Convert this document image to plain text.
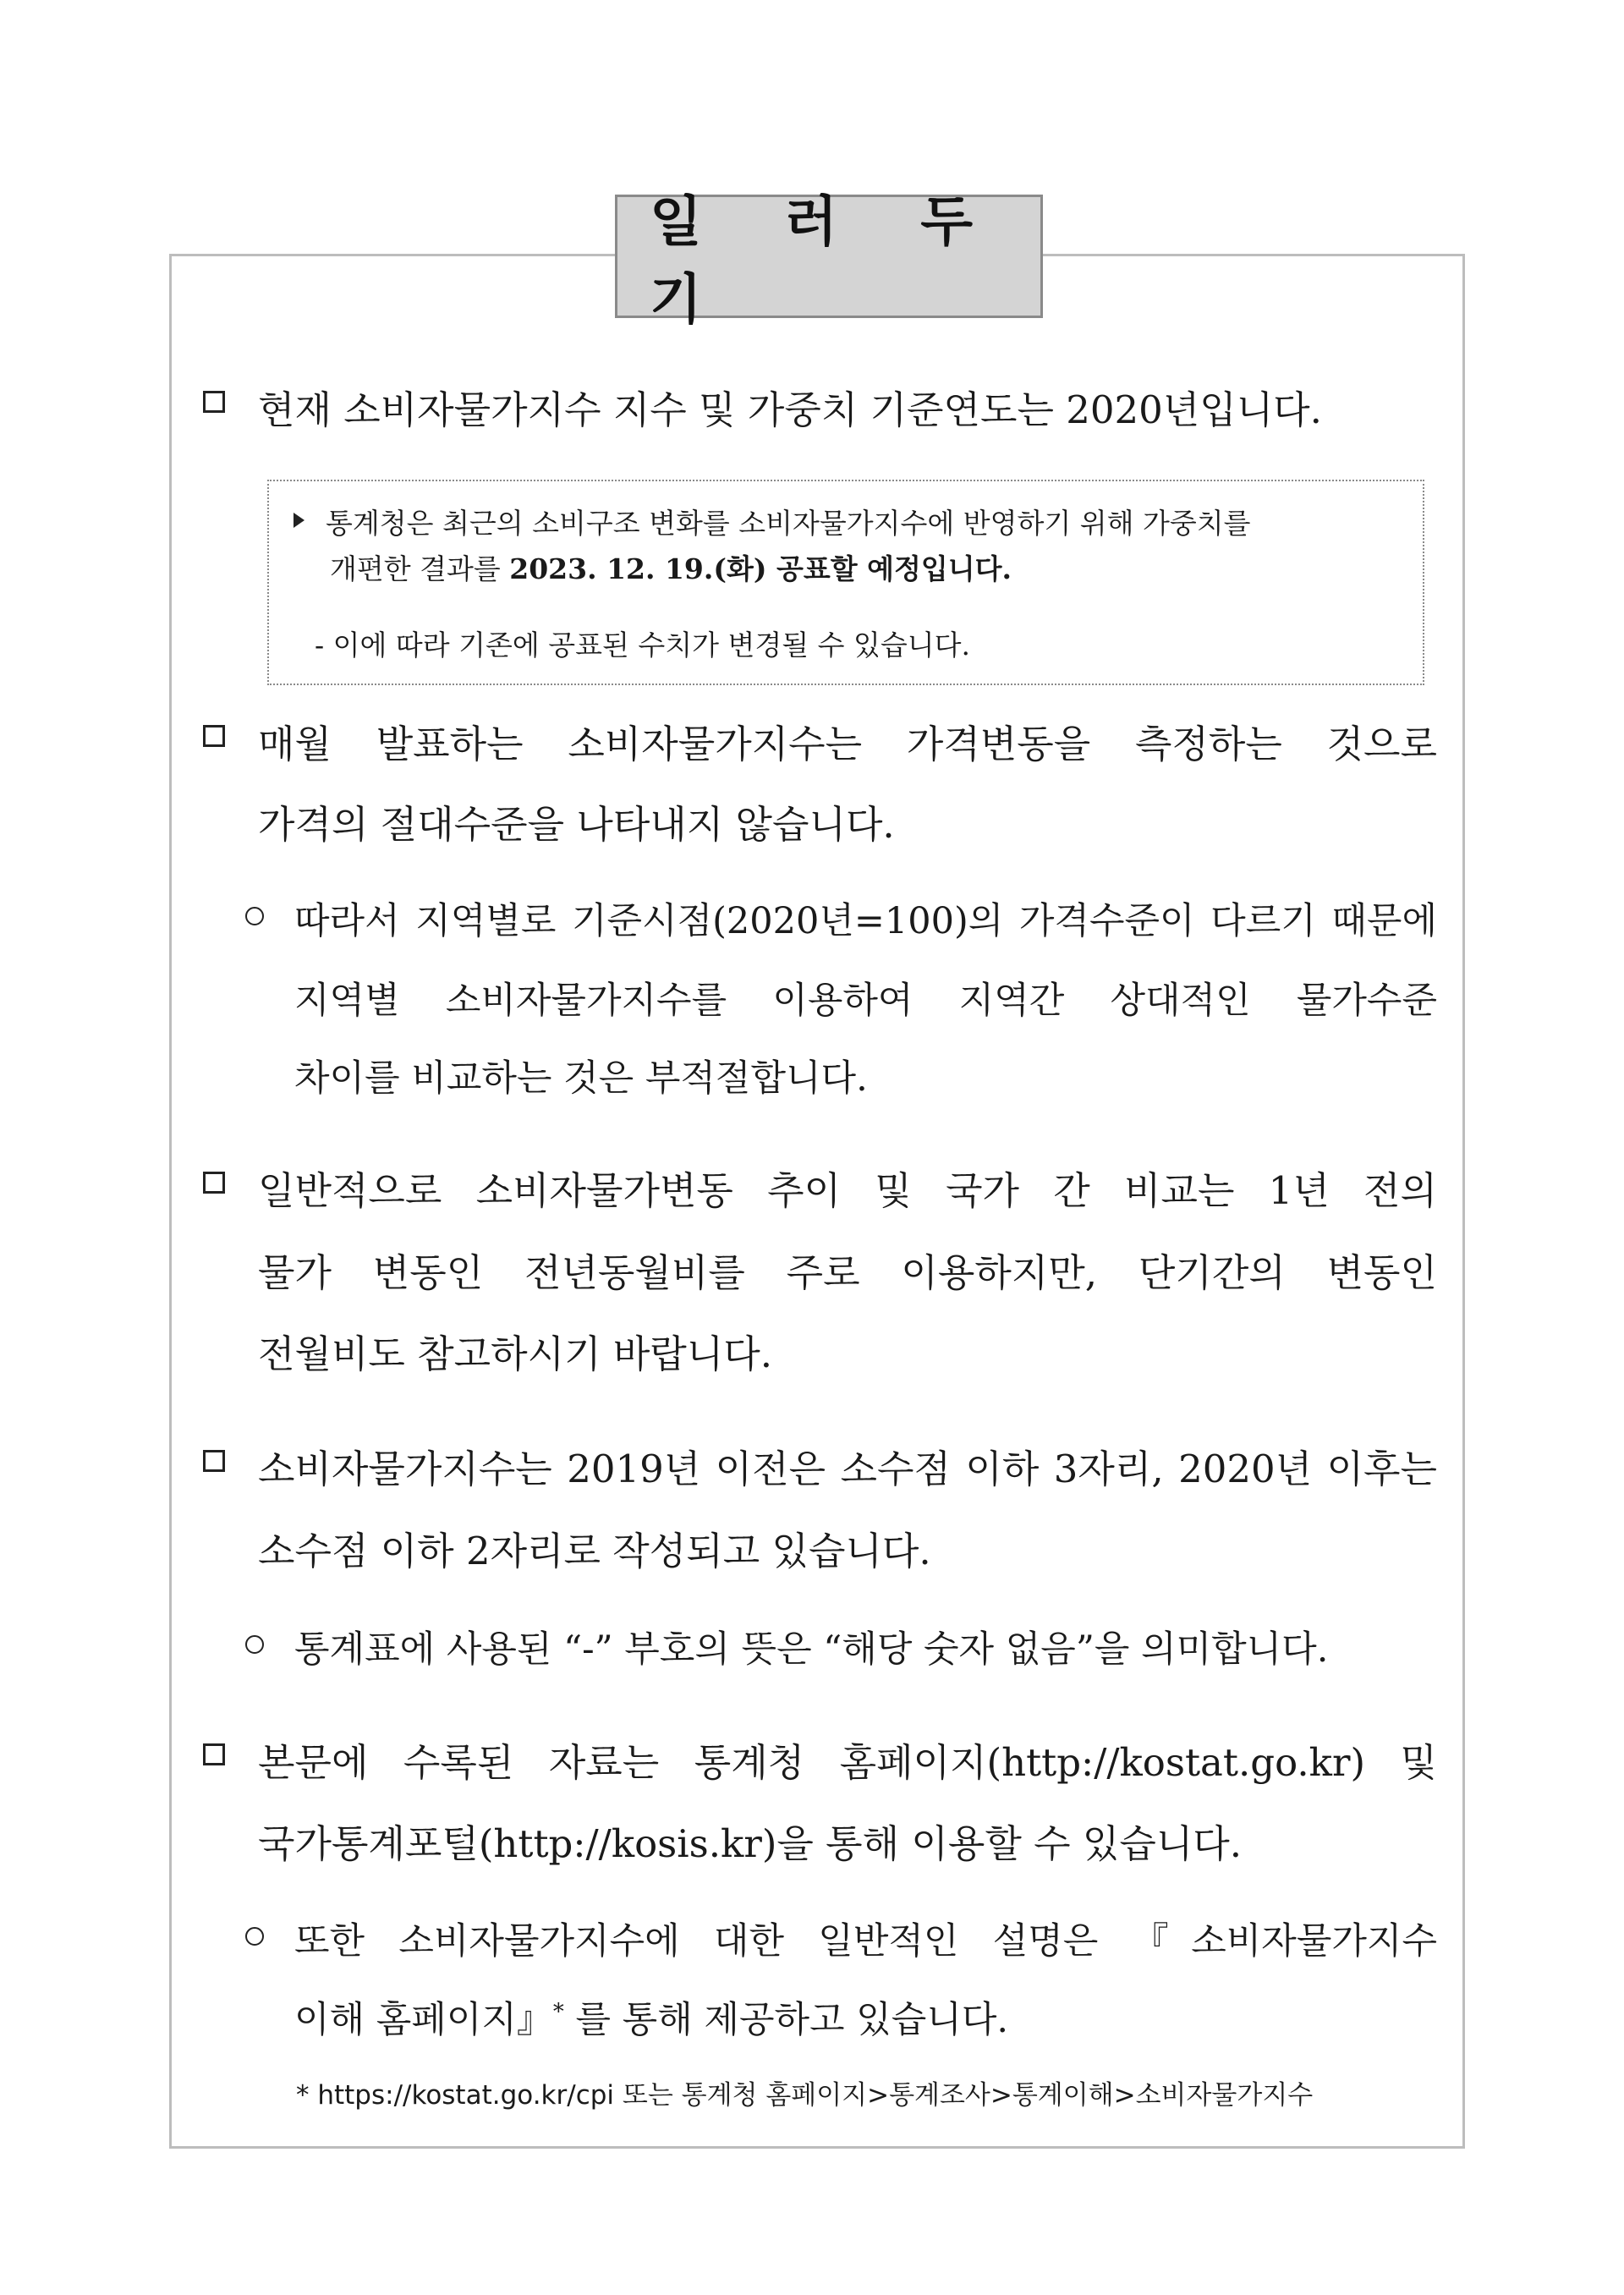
일 러 두 기
현재 소비자물가지수 지수 및 가중치 기준연도는 2020년입니다.
통계청은 최근의 소비구조 변화를 소비자물가지수에 반영하기 위해 가중치를
개편한 결과를 2023. 12. 19.(화) 공표할 예정입니다.
- 이에 따라 기존에 공표된 수치가 변경될 수 있습니다.
매월 발표하는 소비자물가지수는 가격변동을 측정하는 것으로
가격의 절대수준을 나타내지 않습니다.
따라서 지역별로 기준시점(2020년=100)의 가격수준이 다르기 때문에
지역별 소비자물가지수를 이용하여 지역간 상대적인 물가수준
차이를 비교하는 것은 부적절합니다.
일반적으로 소비자물가변동 추이 및 국가 간 비교는 1년 전의
물가 변동인 전년동월비를 주로 이용하지만, 단기간의 변동인
전월비도 참고하시기 바랍니다.
소비자물가지수는 2019년 이전은 소수점 이하 3자리, 2020년 이후는
소수점 이하 2자리로 작성되고 있습니다.
통계표에 사용된 “-” 부호의 뜻은 “해당 숫자 없음”을 의미합니다.
본문에 수록된 자료는 통계청 홈페이지(http://kostat.go.kr) 및
국가통계포털(http://kosis.kr)을 통해 이용할 수 있습니다.
또한 소비자물가지수에 대한 일반적인 설명은 『소비자물가지수
이해 홈페이지』* 를 통해 제공하고 있습니다.
* https://kostat.go.kr/cpi 또는 통계청 홈페이지>통계조사>통계이해>소비자물가지수
